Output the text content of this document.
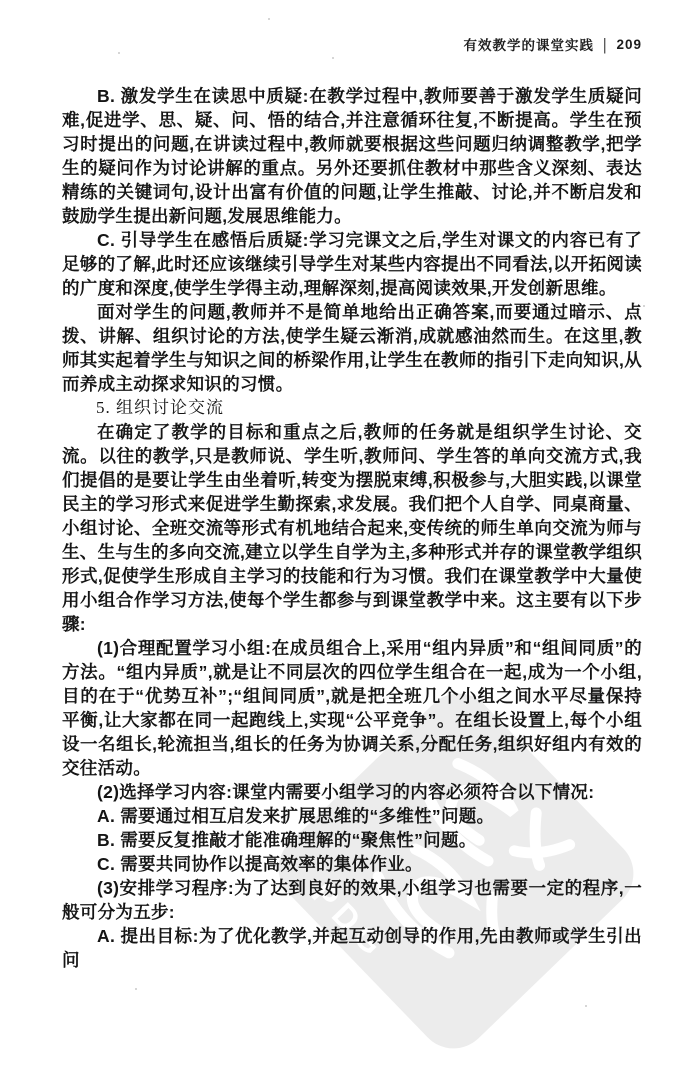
有效教学的课堂实践 | 209
PDG

B. 激发学生在读思中质疑:在教学过程中,教师要善于激发学生质疑问难,促进学、思、疑、问、悟的结合,并注意循环往复,不断提高。学生在预习时提出的问题,在讲读过程中,教师就要根据这些问题归纳调整教学,把学生的疑问作为讨论讲解的重点。另外还要抓住教材中那些含义深刻、表达精练的关键词句,设计出富有价值的问题,让学生推敲、讨论,并不断启发和鼓励学生提出新问题,发展思维能力。

C. 引导学生在感悟后质疑:学习完课文之后,学生对课文的内容已有了足够的了解,此时还应该继续引导学生对某些内容提出不同看法,以开拓阅读的广度和深度,使学生学得主动,理解深刻,提高阅读效果,开发创新思维。

面对学生的问题,教师并不是简单地给出正确答案,而要通过暗示、点拨、讲解、组织讨论的方法,使学生疑云渐消,成就感油然而生。在这里,教师其实起着学生与知识之间的桥梁作用,让学生在教师的指引下走向知识,从而养成主动探求知识的习惯。

5. 组织讨论交流

在确定了教学的目标和重点之后,教师的任务就是组织学生讨论、交流。以往的教学,只是教师说、学生听,教师问、学生答的单向交流方式,我们提倡的是要让学生由坐着听,转变为摆脱束缚,积极参与,大胆实践,以课堂民主的学习形式来促进学生勤探索,求发展。我们把个人自学、同桌商量、小组讨论、全班交流等形式有机地结合起来,变传统的师生单向交流为师与生、生与生的多向交流,建立以学生自学为主,多种形式并存的课堂教学组织形式,促使学生形成自主学习的技能和行为习惯。我们在课堂教学中大量使用小组合作学习方法,使每个学生都参与到课堂教学中来。这主要有以下步骤:

(1)合理配置学习小组:在成员组合上,采用“组内异质”和“组间同质”的方法。“组内异质”,就是让不同层次的四位学生组合在一起,成为一个小组,目的在于“优势互补”;“组间同质”,就是把全班几个小组之间水平尽量保持平衡,让大家都在同一起跑线上,实现“公平竞争”。在组长设置上,每个小组设一名组长,轮流担当,组长的任务为协调关系,分配任务,组织好组内有效的交往活动。

(2)选择学习内容:课堂内需要小组学习的内容必须符合以下情况:

A. 需要通过相互启发来扩展思维的“多维性”问题。

B. 需要反复推敲才能准确理解的“聚焦性”问题。

C. 需要共同协作以提高效率的集体作业。

(3)安排学习程序:为了达到良好的效果,小组学习也需要一定的程序,一般可分为五步:

A. 提出目标:为了优化教学,并起互动创导的作用,先由教师或学生引出问
